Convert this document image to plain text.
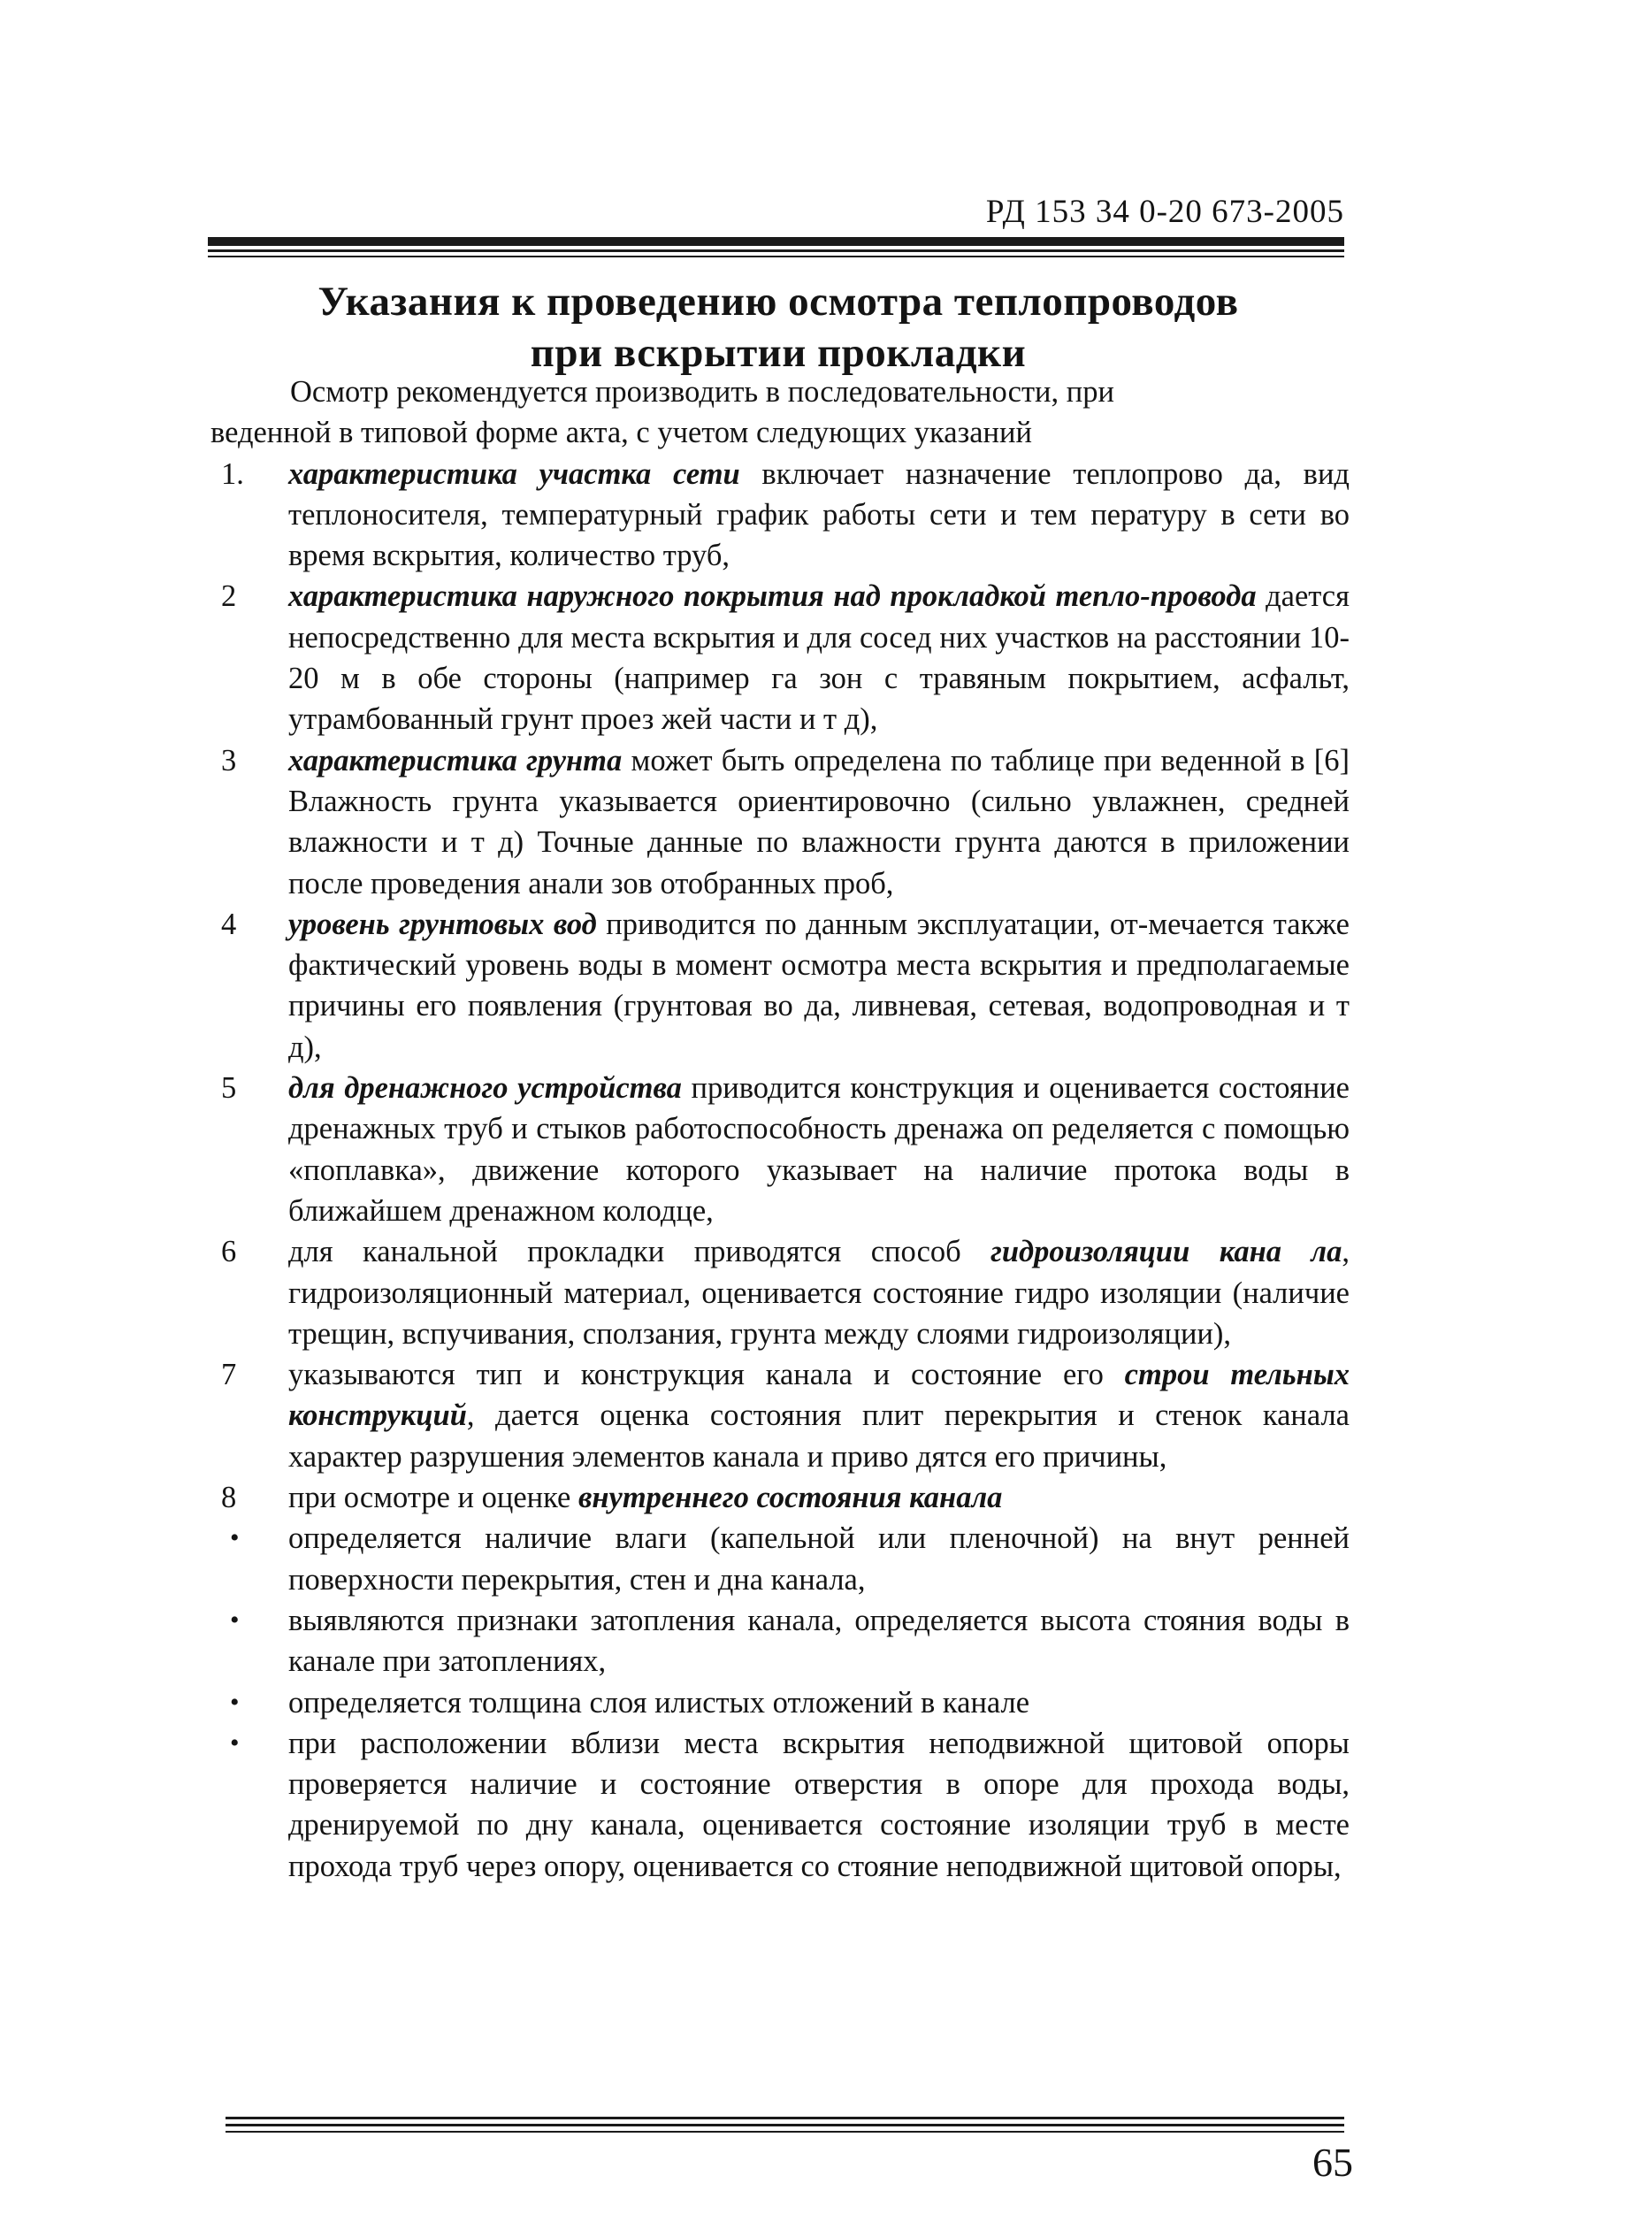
РД 153 34 0-20 673-2005
Указания к проведению осмотра теплопроводов
при вскрытии прокладки
Осмотр рекомендуется производить в последовательности, при
веденной в типовой форме акта, с учетом следующих указаний
1.	характеристика участка сети включает назначение теплопрово да, вид теплоносителя, температурный график работы сети и тем пературу в сети во время вскрытия, количество труб,
2	характеристика наружного покрытия над прокладкой тепло-провода дается непосредственно для места вскрытия и для сосед них участков на расстоянии 10-20 м в обе стороны (например га зон с травяным покрытием, асфальт, утрамбованный грунт проез жей части и т д),
3	характеристика грунта может быть определена по таблице при веденной в [6] Влажность грунта указывается ориентировочно (сильно увлажнен, средней влажности и т д) Точные данные по влажности грунта даются в приложении после проведения анали зов отобранных проб,
4	уровень грунтовых вод приводится по данным эксплуатации, от-мечается также фактический уровень воды в момент осмотра места вскрытия и предполагаемые причины его появления (грунтовая во да, ливневая, сетевая, водопроводная и т д),
5	для дренажного устройства приводится конструкция и оценивается состояние дренажных труб и стыков работоспособность дренажа оп ределяется с помощью «поплавка», движение которого указывает на наличие протока воды в ближайшем дренажном колодце,
6	для канальной прокладки приводятся способ гидроизоляции кана ла, гидроизоляционный материал, оценивается состояние гидро изоляции (наличие трещин, вспучивания, сползания, грунта между слоями гидроизоляции),
7	указываются тип и конструкция канала и состояние его строи тельных конструкций, дается оценка состояния плит перекрытия и стенок канала характер разрушения элементов канала и приво дятся его причины,
8	при осмотре и оценке внутреннего состояния канала
•	определяется наличие влаги (капельной или пленочной) на внут ренней поверхности перекрытия, стен и дна канала,
•	выявляются признаки затопления канала, определяется высота стояния воды в канале при затоплениях,
•	определяется толщина слоя илистых отложений в канале
•	при расположении вблизи места вскрытия неподвижной щитовой опоры проверяется наличие и состояние отверстия в опоре для прохода воды, дренируемой по дну канала, оценивается состояние изоляции труб в месте прохода труб через опору, оценивается со стояние неподвижной щитовой опоры,
65
